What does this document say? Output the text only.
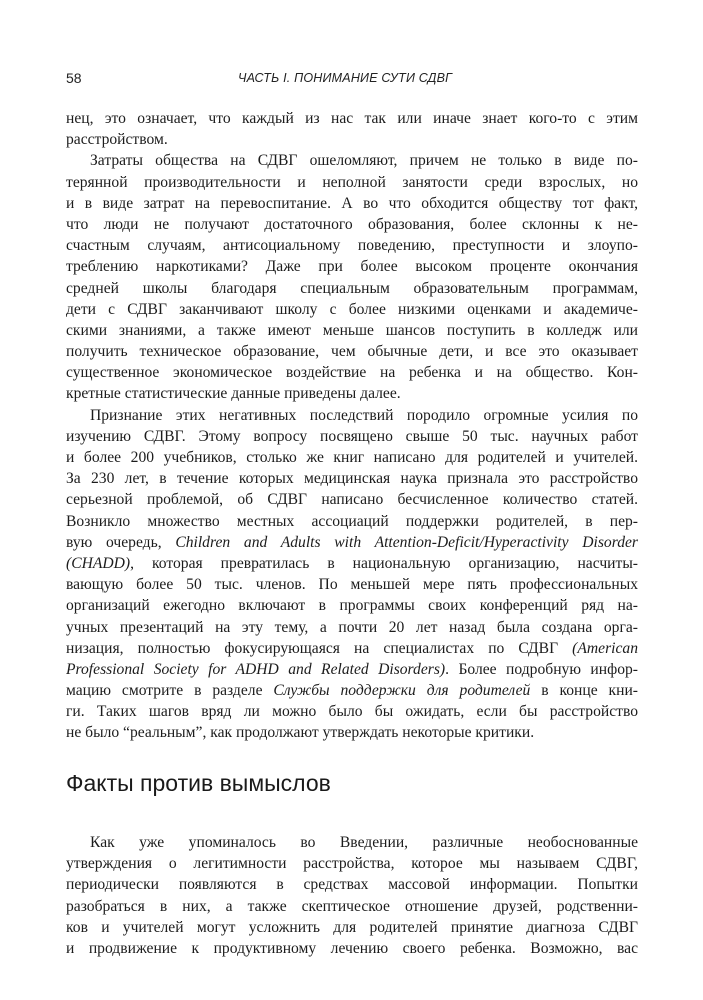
58	ЧАСТЬ I. ПОНИМАНИЕ СУТИ СДВГ
нец, это означает, что каждый из нас так или иначе знает кого-то с этим
расстройством.
Затраты общества на СДВГ ошеломляют, причем не только в виде по-
терянной производительности и неполной занятости среди взрослых, но
и в виде затрат на перевоспитание. А во что обходится обществу тот факт,
что люди не получают достаточного образования, более склонны к не-
счастным случаям, антисоциальному поведению, преступности и злоупо-
треблению наркотиками? Даже при более высоком проценте окончания
средней школы благодаря специальным образовательным программам,
дети с СДВГ заканчивают школу с более низкими оценками и академиче-
скими знаниями, а также имеют меньше шансов поступить в колледж или
получить техническое образование, чем обычные дети, и все это оказывает
существенное экономическое воздействие на ребенка и на общество. Кон-
кретные статистические данные приведены далее.
Признание этих негативных последствий породило огромные усилия по
изучению СДВГ. Этому вопросу посвящено свыше 50 тыс. научных работ
и более 200 учебников, столько же книг написано для родителей и учителей.
За 230 лет, в течение которых медицинская наука признала это расстройство
серьезной проблемой, об СДВГ написано бесчисленное количество статей.
Возникло множество местных ассоциаций поддержки родителей, в пер-
вую очередь, Children and Adults with Attention-Deficit/Hyperactivity Disorder
(CHADD), которая превратилась в национальную организацию, насчиты-
вающую более 50 тыс. членов. По меньшей мере пять профессиональных
организаций ежегодно включают в программы своих конференций ряд на-
учных презентаций на эту тему, а почти 20 лет назад была создана орга-
низация, полностью фокусирующаяся на специалистах по СДВГ (American
Professional Society for ADHD and Related Disorders). Более подробную инфор-
мацию смотрите в разделе Службы поддержки для родителей в конце кни-
ги. Таких шагов вряд ли можно было бы ожидать, если бы расстройство
не было “реальным”, как продолжают утверждать некоторые критики.
Факты против вымыслов
Как уже упоминалось во Введении, различные необоснованные
утверждения о легитимности расстройства, которое мы называем СДВГ,
периодически появляются в средствах массовой информации. Попытки
разобраться в них, а также скептическое отношение друзей, родственни-
ков и учителей могут усложнить для родителей принятие диагноза СДВГ
и продвижение к продуктивному лечению своего ребенка. Возможно, вас
